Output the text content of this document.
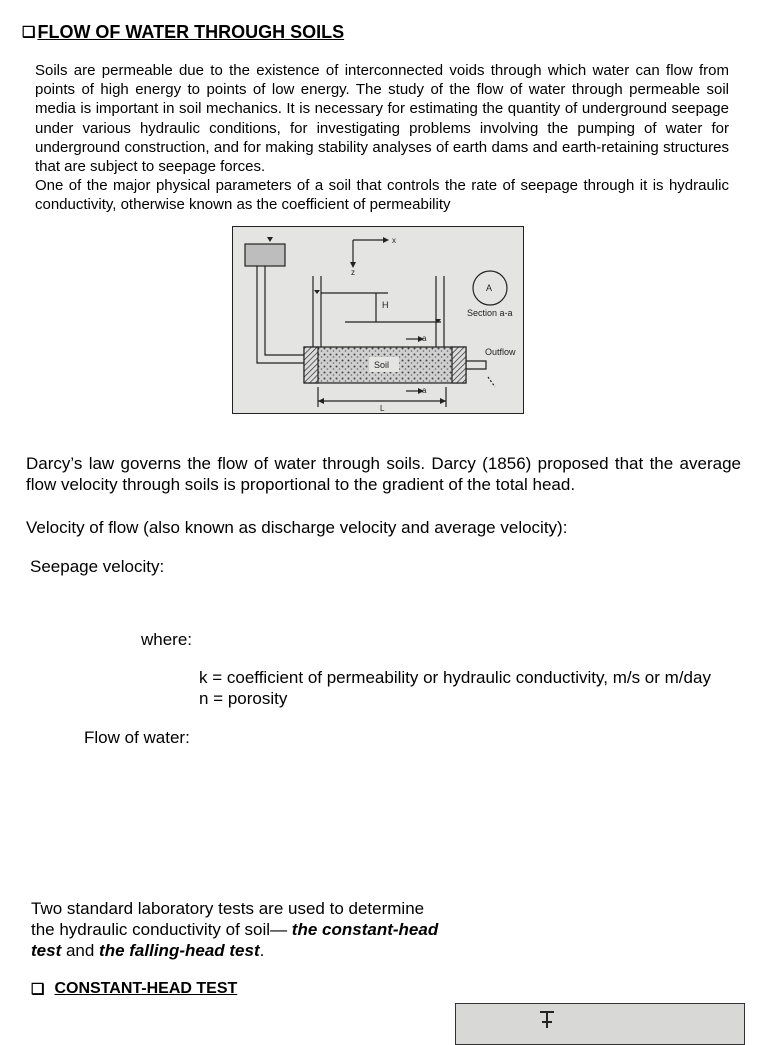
❑ FLOW OF WATER THROUGH SOILS

Soils are permeable due to the existence of interconnected voids through which water can flow from points of high energy to points of low energy. The study of the flow of water through permeable soil media is important in soil mechanics. It is necessary for estimating the quantity of underground seepage under various hydraulic conditions, for investigating problems involving the pumping of water for underground construction, and for making stability analyses of earth dams and earth-retaining structures that are subject to seepage forces.

One of the major physical parameters of a soil that controls the rate of seepage through it is hydraulic conductivity, otherwise known as the coefficient of permeability

x
z
H
a
Soil
a
L
A
Section a-a
Outflow
Darcy’s law governs the flow of water through soils. Darcy (1856) proposed that the average flow velocity through soils is proportional to the gradient of the total head.
Velocity of flow (also known as discharge velocity and average velocity):
Seepage velocity:
where:
k = coefficient of permeability or hydraulic conductivity, m/s or m/day
n = porosity
Flow of water:
Two standard laboratory tests are used to determine the hydraulic conductivity of soil— the constant-head test and the falling-head test.
❑ CONSTANT-HEAD TEST
